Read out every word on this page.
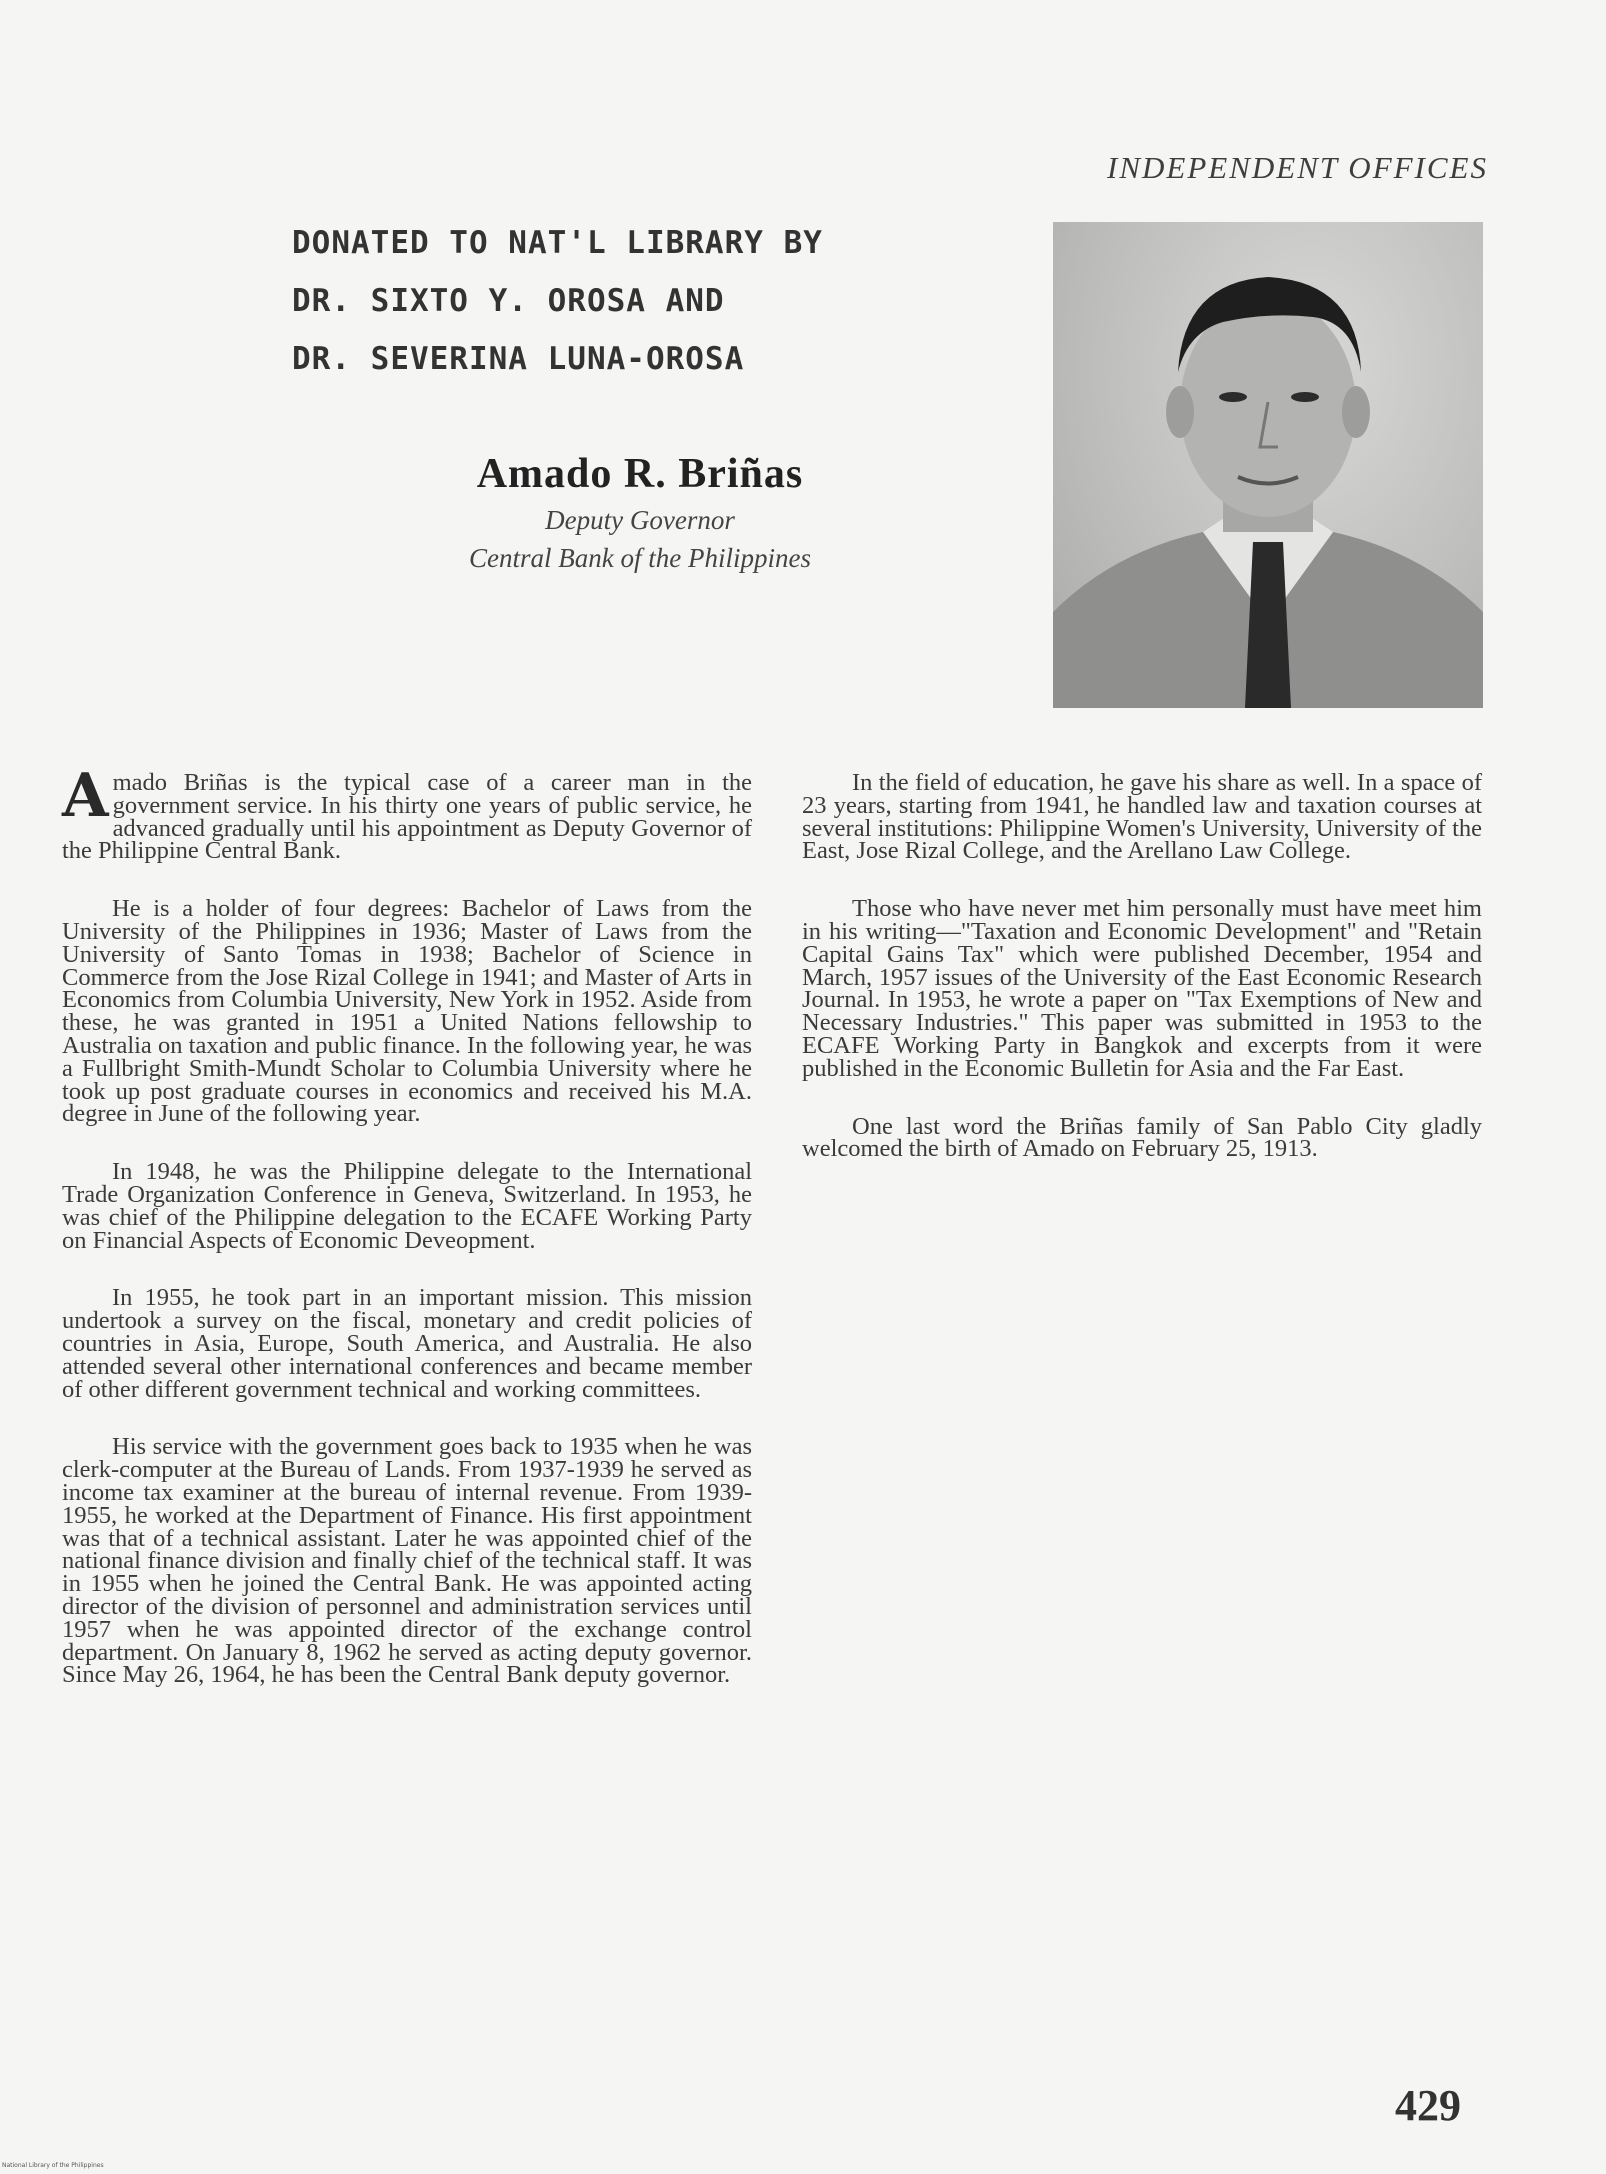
INDEPENDENT OFFICES
DONATED TO NAT'L LIBRARY BY
DR. SIXTO Y. OROSA AND
DR. SEVERINA LUNA-OROSA
Amado R. Briñas
Deputy Governor
Central Bank of the Philippines

Amado Briñas is the typical case of a career man in the government service. In his thirty one years of public service, he advanced gradually until his appointment as Deputy Governor of the Philippine Central Bank.

He is a holder of four degrees: Bachelor of Laws from the University of the Philippines in 1936; Master of Laws from the University of Santo Tomas in 1938; Bachelor of Science in Commerce from the Jose Rizal College in 1941; and Master of Arts in Economics from Columbia University, New York in 1952. Aside from these, he was granted in 1951 a United Nations fellowship to Australia on taxation and public finance. In the following year, he was a Fullbright Smith-Mundt Scholar to Columbia University where he took up post graduate courses in economics and received his M.A. degree in June of the following year.

In 1948, he was the Philippine delegate to the International Trade Organization Conference in Geneva, Switzerland. In 1953, he was chief of the Philippine delegation to the ECAFE Working Party on Financial Aspects of Economic Deveopment.

In 1955, he took part in an important mission. This mission undertook a survey on the fiscal, monetary and credit policies of countries in Asia, Europe, South America, and Australia. He also attended several other international conferences and became member of other different government technical and working committees.

His service with the government goes back to 1935 when he was clerk-computer at the Bureau of Lands. From 1937-1939 he served as income tax examiner at the bureau of internal revenue. From 1939-1955, he worked at the Department of Finance. His first appointment was that of a technical assistant. Later he was appointed chief of the national finance division and finally chief of the technical staff. It was in 1955 when he joined the Central Bank. He was appointed acting director of the division of personnel and administration services until 1957 when he was appointed director of the exchange control department. On January 8, 1962 he served as acting deputy governor. Since May 26, 1964, he has been the Central Bank deputy governor.

In the field of education, he gave his share as well. In a space of 23 years, starting from 1941, he handled law and taxation courses at several institutions: Philippine Women's University, University of the East, Jose Rizal College, and the Arellano Law College.

Those who have never met him personally must have meet him in his writing—"Taxation and Economic Development" and "Retain Capital Gains Tax" which were published December, 1954 and March, 1957 issues of the University of the East Economic Research Journal. In 1953, he wrote a paper on "Tax Exemptions of New and Necessary Industries." This paper was submitted in 1953 to the ECAFE Working Party in Bangkok and excerpts from it were published in the Economic Bulletin for Asia and the Far East.

One last word the Briñas family of San Pablo City gladly welcomed the birth of Amado on February 25, 1913.

429
National Library of the Philippines
